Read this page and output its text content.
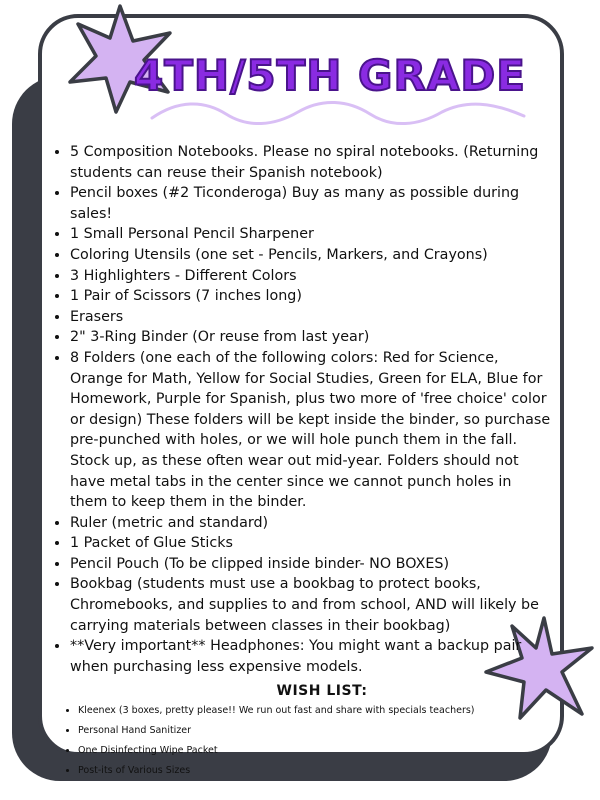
4TH/5TH GRADE
• 5 Composition Notebooks. Please no spiral notebooks. (Returning students can reuse their Spanish notebook)
• Pencil boxes (#2 Ticonderoga) Buy as many as possible during sales!
• 1 Small Personal Pencil Sharpener
• Coloring Utensils (one set - Pencils, Markers, and Crayons)
• 3 Highlighters - Different Colors
• 1 Pair of Scissors (7 inches long)
• Erasers
• 2" 3-Ring Binder (Or reuse from last year)
• 8 Folders (one each of the following colors: Red for Science, Orange for Math, Yellow for Social Studies, Green for ELA, Blue for Homework, Purple for Spanish, plus two more of 'free choice' color or design) These folders will be kept inside the binder, so purchase pre-punched with holes, or we will hole punch them in the fall. Stock up, as these often wear out mid-year. Folders should not have metal tabs in the center since we cannot punch holes in them to keep them in the binder.
• Ruler (metric and standard)
• 1 Packet of Glue Sticks
• Pencil Pouch (To be clipped inside binder- NO BOXES)
• Bookbag (students must use a bookbag to protect books, Chromebooks, and supplies to and from school, AND will likely be carrying materials between classes in their bookbag)
• **Very important** Headphones: You might want a backup pair when purchasing less expensive models.
WISH LIST:
• Kleenex (3 boxes, pretty please!! We run out fast and share with specials teachers)
• Personal Hand Sanitizer
• One Disinfecting Wipe Packet
• Post-its of Various Sizes
